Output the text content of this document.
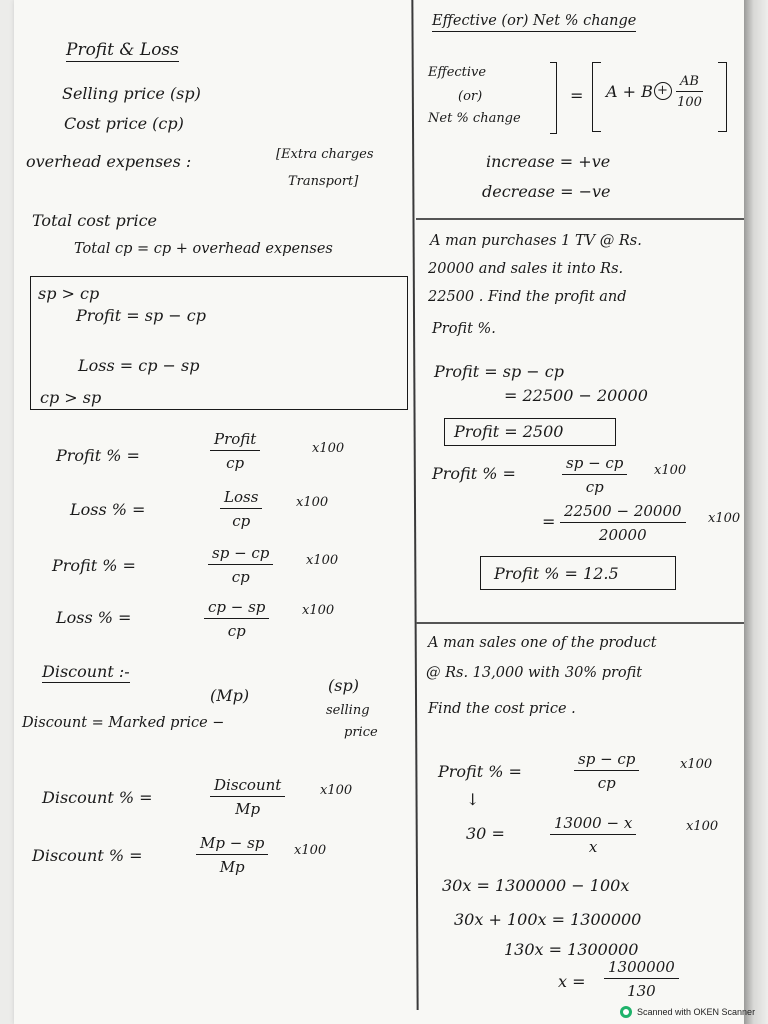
Profit & Loss
Selling price (sp)
Cost price (cp)
overhead expenses :	[Extra charges
Transport]
Total cost price
Total cp = cp + overhead expenses
sp > cp
Profit = sp − cp
Loss = cp − sp
cp > sp
Profit % =
Profit
cp
x100
Loss % =
Loss
cp
x100
Profit % =	$\frac{sp - cp}{cp}$	x100
Loss % =	$\frac{cp - sp}{cp}$	x100
Discount :-
(Mp)
(sp)
Discount = Marked price −
selling
price
Discount % =
Discount
Mp
x100
Discount % =	$\frac{Mp - sp}{Mp} x100$
Effective (or) Net % change
Effective
(or)
Net % change
= $A + B + \frac{AB}{100}$
increase = +ve
decrease = −ve
A man purchases 1 TV @ Rs.
20000 and sales it into Rs.
22500 . Find the profit and
Profit %.
Profit = sp − cp
= 22500 − 20000
Profit = 2500
Profit % =	$\frac{sp - cp}{cp} x100$
= $\frac{22500 - 20000}{20000} x100$
Profit % = 12.5
A man sales one of the product
@ Rs. 13,000 with 30% profit
Find the cost price .
Profit % =	$\frac{sp - cp}{cp}$	x100
↓
30 =	$\frac{13000 - x}{x}$	x100
30x = 1300000 − 100x
30x + 100x = 1300000
130x = 1300000
$x = \frac{1300000}{130}$
Scanned with OKEN Scanner
